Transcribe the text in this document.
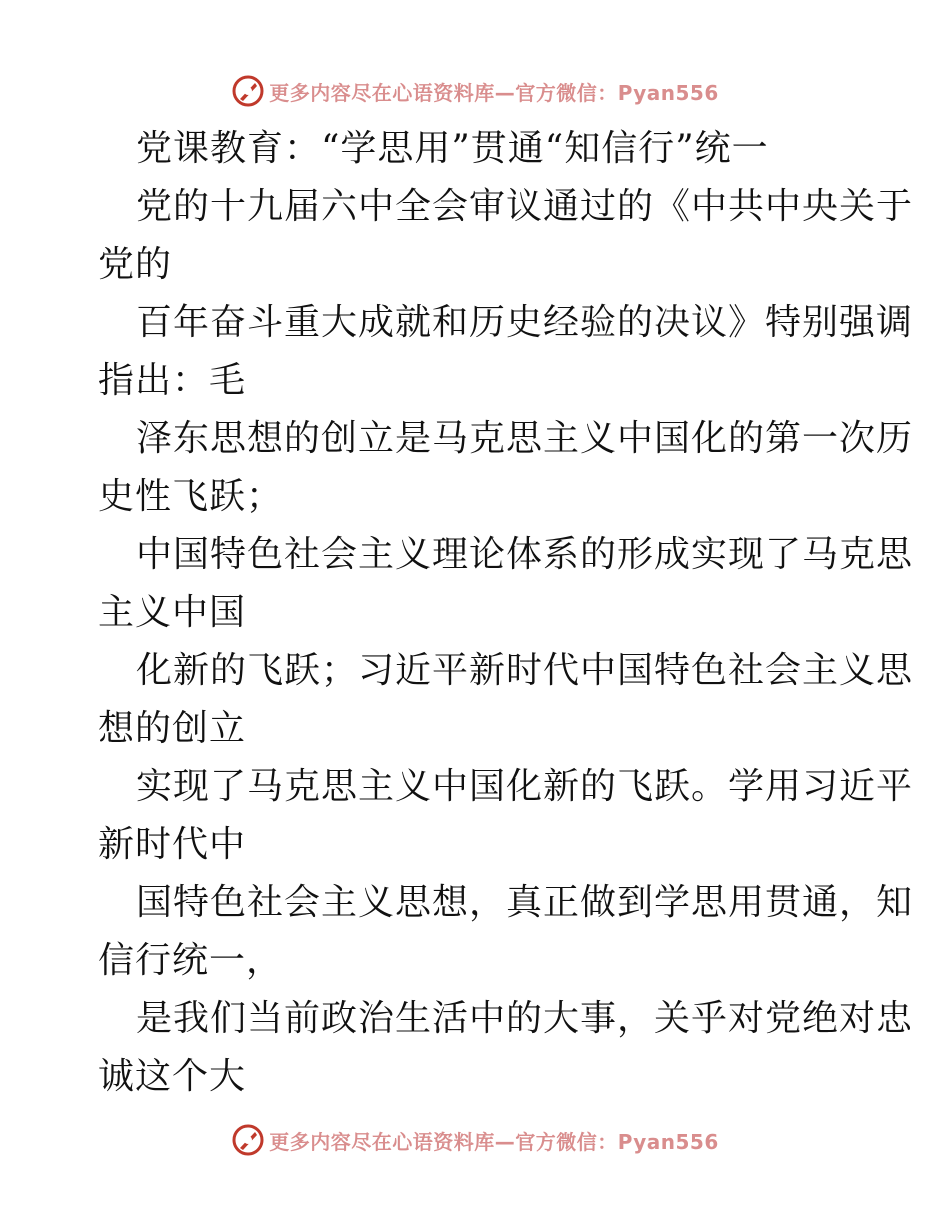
更多内容尽在心语资料库—官方微信：Pyan556
党课教育：“学思用”贯通“知信行”统一
党的十九届六中全会审议通过的《中共中央关于
党的
百年奋斗重大成就和历史经验的决议》特别强调
指出：毛
泽东思想的创立是马克思主义中国化的第一次历
史性飞跃；
中国特色社会主义理论体系的形成实现了马克思
主义中国
化新的飞跃；习近平新时代中国特色社会主义思
想的创立
实现了马克思主义中国化新的飞跃。学用习近平
新时代中
国特色社会主义思想，真正做到学思用贯通，知
信行统一，
是我们当前政治生活中的大事，关乎对党绝对忠
诚这个大
更多内容尽在心语资料库—官方微信：Pyan556
